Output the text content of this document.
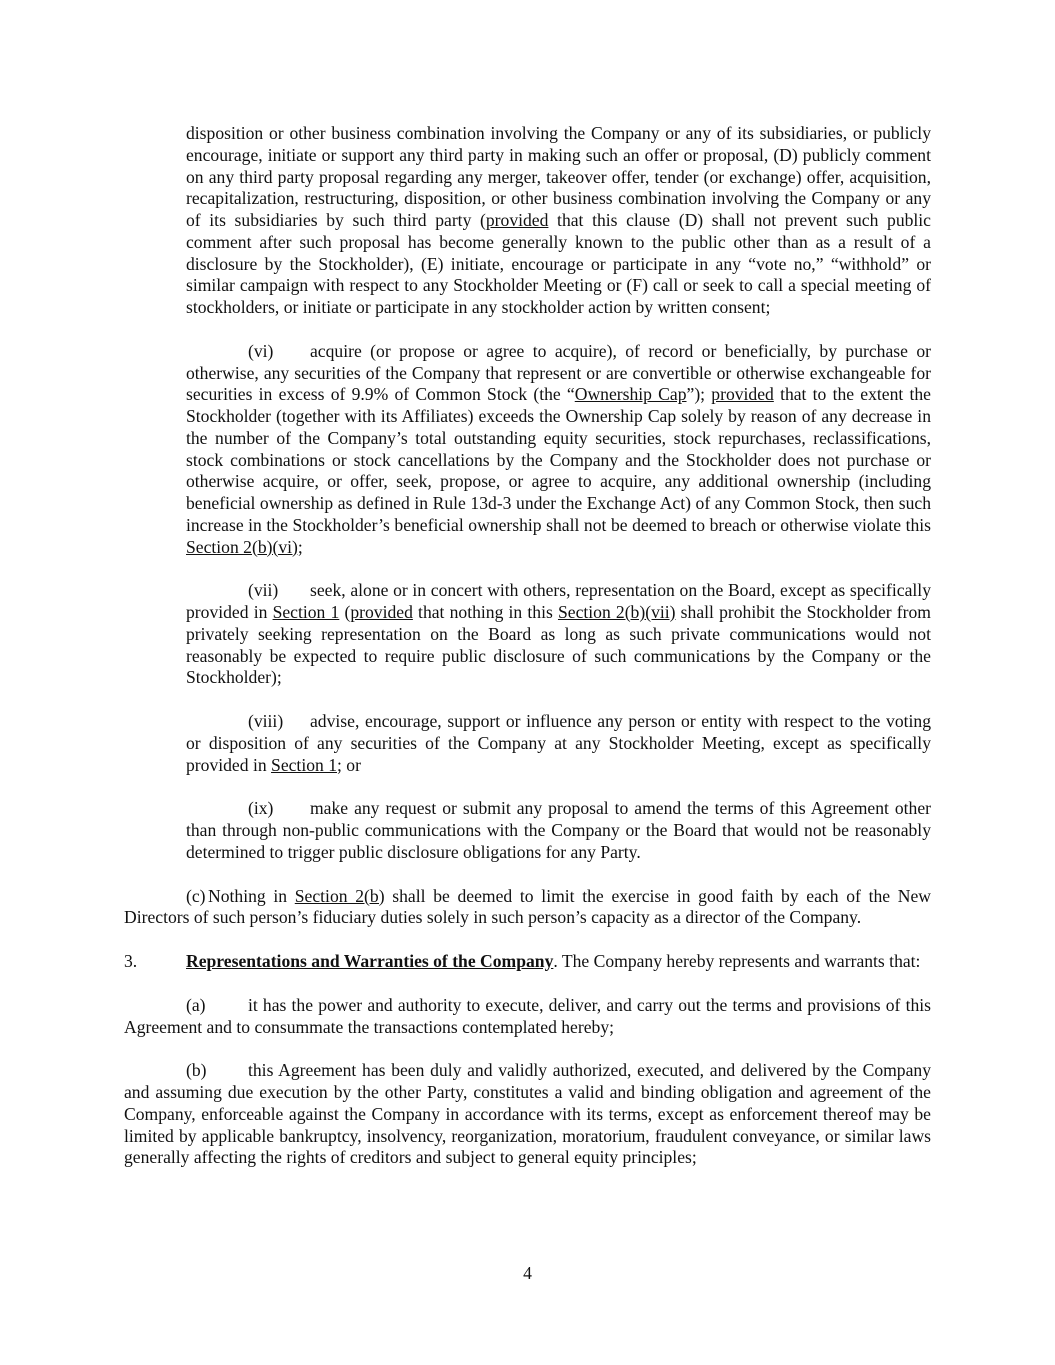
disposition or other business combination involving the Company or any of its subsidiaries, or publicly encourage, initiate or support any third party in making such an offer or proposal, (D) publicly comment on any third party proposal regarding any merger, takeover offer, tender (or exchange) offer, acquisition, recapitalization, restructuring, disposition, or other business combination involving the Company or any of its subsidiaries by such third party (provided that this clause (D) shall not prevent such public comment after such proposal has become generally known to the public other than as a result of a disclosure by the Stockholder), (E) initiate, encourage or participate in any “vote no,” “withhold” or similar campaign with respect to any Stockholder Meeting or (F) call or seek to call a special meeting of stockholders, or initiate or participate in any stockholder action by written consent;

(vi) acquire (or propose or agree to acquire), of record or beneficially, by purchase or otherwise, any securities of the Company that represent or are convertible or otherwise exchangeable for securities in excess of 9.9% of Common Stock (the “Ownership Cap”); provided that to the extent the Stockholder (together with its Affiliates) exceeds the Ownership Cap solely by reason of any decrease in the number of the Company’s total outstanding equity securities, stock repurchases, reclassifications, stock combinations or stock cancellations by the Company and the Stockholder does not purchase or otherwise acquire, or offer, seek, propose, or agree to acquire, any additional ownership (including beneficial ownership as defined in Rule 13d-3 under the Exchange Act) of any Common Stock, then such increase in the Stockholder’s beneficial ownership shall not be deemed to breach or otherwise violate this Section 2(b)(vi);

(vii) seek, alone or in concert with others, representation on the Board, except as specifically provided in Section 1 (provided that nothing in this Section 2(b)(vii) shall prohibit the Stockholder from privately seeking representation on the Board as long as such private communications would not reasonably be expected to require public disclosure of such communications by the Company or the Stockholder);

(viii) advise, encourage, support or influence any person or entity with respect to the voting or disposition of any securities of the Company at any Stockholder Meeting, except as specifically provided in Section 1; or

(ix) make any request or submit any proposal to amend the terms of this Agreement other than through non-public communications with the Company or the Board that would not be reasonably determined to trigger public disclosure obligations for any Party.

(c) Nothing in Section 2(b) shall be deemed to limit the exercise in good faith by each of the New Directors of such person’s fiduciary duties solely in such person’s capacity as a director of the Company.

3.	Representations and Warranties of the Company. The Company hereby represents and warrants that:

(a) it has the power and authority to execute, deliver, and carry out the terms and provisions of this Agreement and to consummate the transactions contemplated hereby;

(b) this Agreement has been duly and validly authorized, executed, and delivered by the Company and assuming due execution by the other Party, constitutes a valid and binding obligation and agreement of the Company, enforceable against the Company in accordance with its terms, except as enforcement thereof may be limited by applicable bankruptcy, insolvency, reorganization, moratorium, fraudulent conveyance, or similar laws generally affecting the rights of creditors and subject to general equity principles;

4
